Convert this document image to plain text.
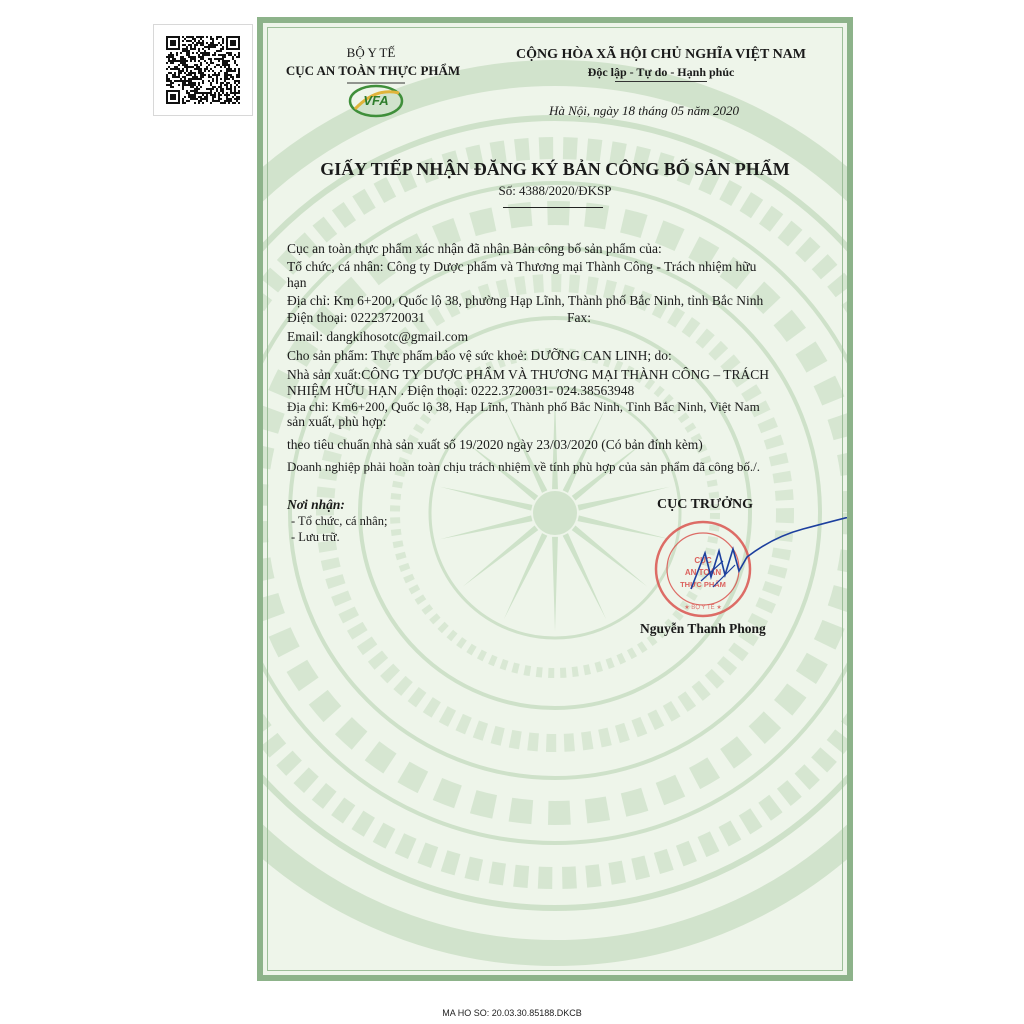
BỘ Y TẾ
CỤC AN TOÀN THỰC PHẨM
VFA
CỘNG HÒA XÃ HỘI CHỦ NGHĨA VIỆT NAM
Độc lập - Tự do - Hạnh phúc
Hà Nội, ngày 18 tháng 05 năm 2020
GIẤY TIẾP NHẬN ĐĂNG KÝ BẢN CÔNG BỐ SẢN PHẨM
Số: 4388/2020/ĐKSP
Cục an toàn thực phẩm xác nhận đã nhận Bản công bố sản phẩm của:
Tổ chức, cá nhân: Công ty Dược phẩm và Thương mại Thành Công - Trách nhiệm hữu
hạn
Địa chỉ: Km 6+200, Quốc lộ 38, phường Hạp Lĩnh, Thành phố Bắc Ninh, tỉnh Bắc Ninh
Điện thoại: 02223720031	Fax:
Email: dangkihosotc@gmail.com
Cho sản phẩm: Thực phẩm bảo vệ sức khoẻ: DƯỠNG CAN LINH; do:
Nhà sản xuất:CÔNG TY DƯỢC PHẨM VÀ THƯƠNG MẠI THÀNH CÔNG – TRÁCH
NHIỆM HỮU HẠN . Điện thoại: 0222.3720031- 024.38563948
Địa chỉ: Km6+200, Quốc lộ 38, Hạp Lĩnh, Thành phố Bắc Ninh, Tỉnh Bắc Ninh, Việt Nam
sản xuất, phù hợp:
theo tiêu chuẩn nhà sản xuất số 19/2020 ngày 23/03/2020 (Có bản đính kèm)
Doanh nghiệp phải hoàn toàn chịu trách nhiệm về tính phù hợp của sản phẩm đã công bố./.
Nơi nhận:
- Tổ chức, cá nhân;
- Lưu trữ.
CỤC TRƯỞNG
CỤC
AN TOÀN
THỰC PHẨM
★ BỘ Y TẾ ★
Nguyễn Thanh Phong
MA HO SO: 20.03.30.85188.DKCB
